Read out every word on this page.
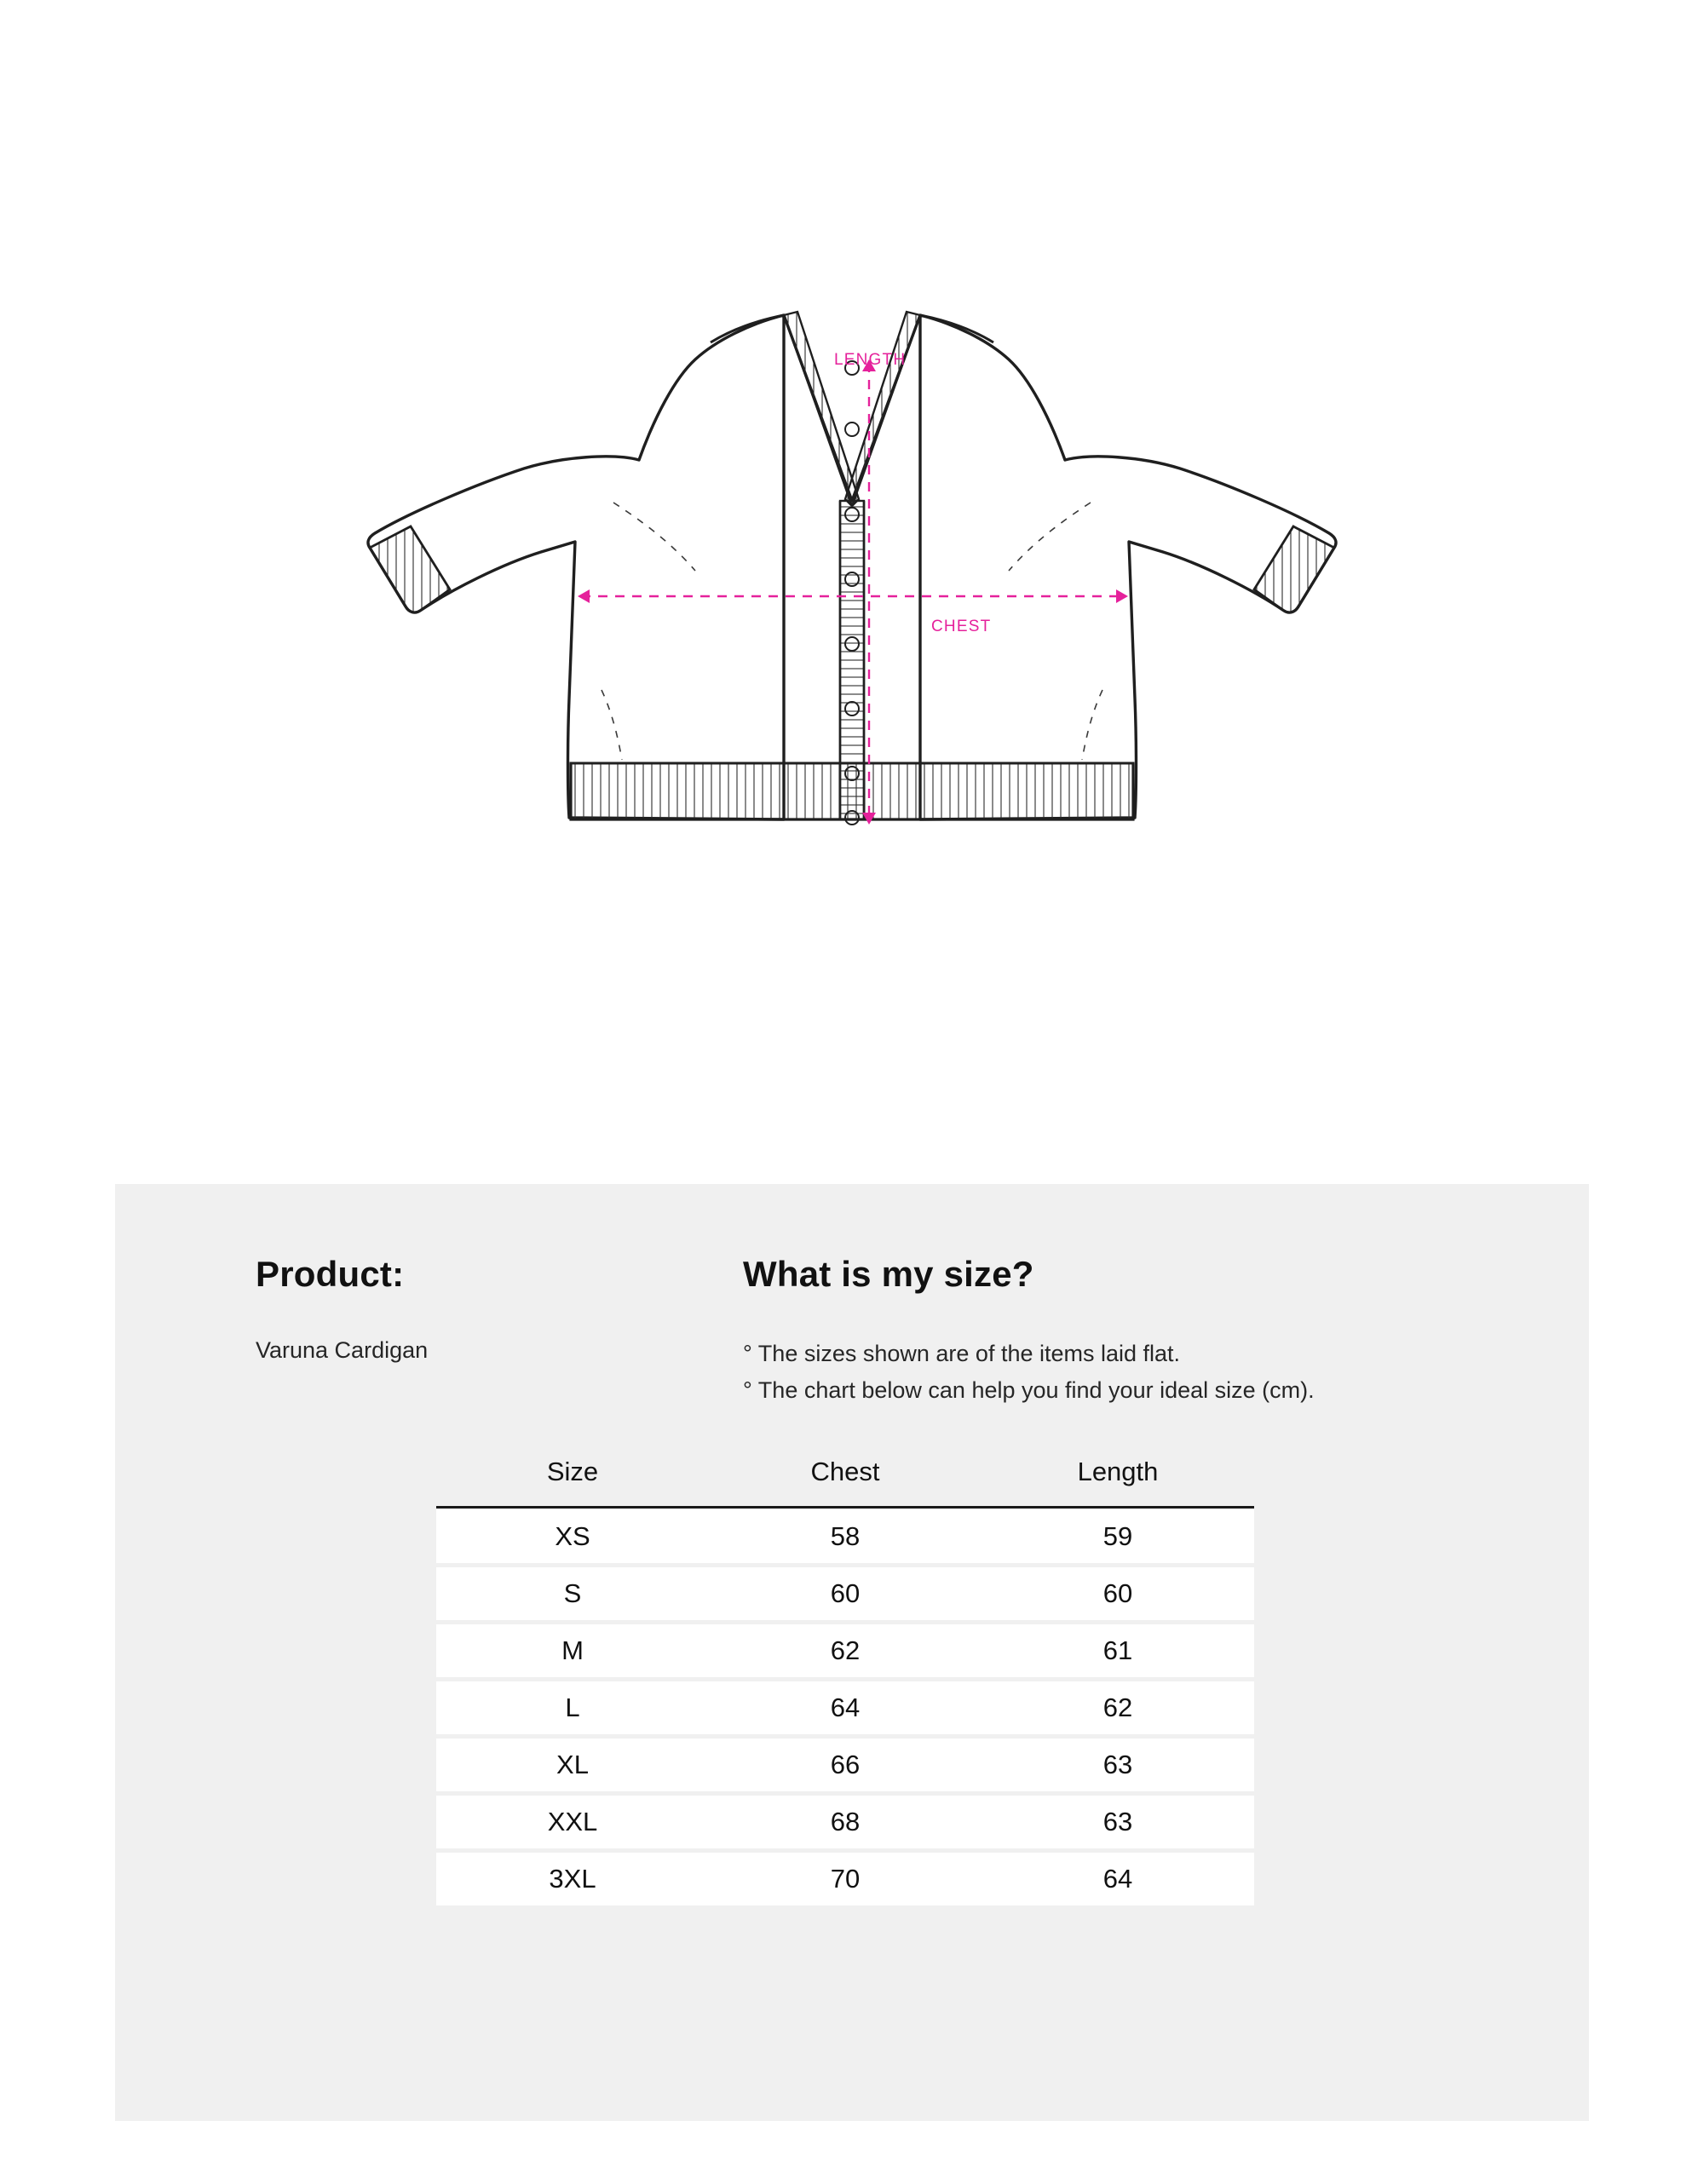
LENGTH
CHEST
Product:
Varuna Cardigan
What is my size?
° The sizes shown are of the items laid flat.
° The chart below can help you find your ideal size (cm).
Size	Chest	Length
XS	58	59
S	60	60
M	62	61
L	64	62
XL	66	63
XXL	68	63
3XL	70	64
